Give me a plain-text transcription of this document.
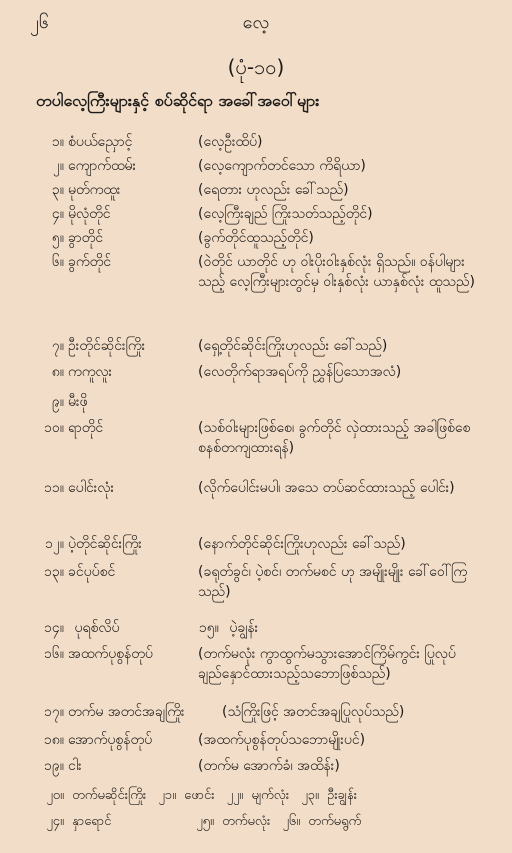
၂၆	လေ့
(ပုံ-၁၀)
တပါလေ့ကြီးများနှင့် စပ်ဆိုင်ရာ အခေါ်အဝေါ်များ
၁။ စံပယ်ညှောင့်	(လေ့ဦးထိပ်)
၂။ ကျောက်ထမ်း	(လေ့ကျောက်တင်သော ကိရိယာ)
၃။ မုတ်ကထူး	(ရေတား ဟုလည်း ခေါ်သည်)
၄။ မိုလုံတိုင်	(လေ့ကြီးချည် ကြိုးသတ်သည့်တိုင်)
၅။ ခွာတိုင်	(ခွက်တိုင်ထူသည့်တိုင်)
၆။ ခွက်တိုင်	(ဝဲတိုင် ယာတိုင် ဟု ဝါးပိုးဝါးနှစ်လုံး ရှိသည်။ ဝန်ပါများသည့် လေ့ကြီးများတွင်မှ ဝါးနှစ်လုံး ယာနှစ်လုံး ထူသည်)
၇။ ဦးတိုင်ဆိုင်းကြိုး	(ရှေ့တိုင်ဆိုင်းကြိုးဟုလည်း ခေါ်သည်)
၈။ ကကူလူး	(လေတိုက်ရာအရပ်ကို ညွှန်ပြသောအလံ)
၉။ မီးဖို
၁၀။ ရာတိုင်	(သစ်ဝါးများဖြစ်စေ၊ ခွက်တိုင် လှဲထားသည့် အခါဖြစ်စေ စနစ်တကျထားရန်)
၁၁။ ပေါင်းလုံး	(လိုက်ပေါင်းမပါ၊ အသေ တပ်ဆင်ထားသည့် ပေါင်း)
၁၂။ ပဲ့တိုင်ဆိုင်းကြိုး	(နောက်တိုင်ဆိုင်းကြိုးဟုလည်း ခေါ်သည်)
၁၃။ ခင်ပုပ်စင်	(ခရုတ်ခွင်၊ ပဲ့စင်၊ တက်မစင် ဟု အမျိုးမျိုး ခေါ်ဝေါ်ကြသည်)
၁၄။ ပုရစ်လိပ်	၁၅။ ပဲ့ချွန်း
၁၆။ အထက်ပုစွန်တုပ်	(တက်မလုံး ကွာထွက်မသွားအောင်ကြိမ်ကွင်း ပြုလုပ်ချည်နှောင်ထားသည့်သဘောဖြစ်သည်)
၁၇။ တက်မ အတင်အချကြိုး	(သံကြိုးဖြင့် အတင်အချပြုလုပ်သည်)
၁၈။ အောက်ပုစွန်တုပ်	(အထက်ပုစွန်တုပ်သဘောမျိုးပင်)
၁၉။ ငါး	(တက်မ အောက်ခံ၊ အထိန်း)
၂၀။ တက်မဆိုင်းကြိုး ၂၁။ ဖောင်း ၂၂။ မျက်လုံး ၂၃။ ဦးချွန်း
၂၄။ နှာရောင်	၂၅။ တက်မလုံး ၂၆။ တက်မရွက်
